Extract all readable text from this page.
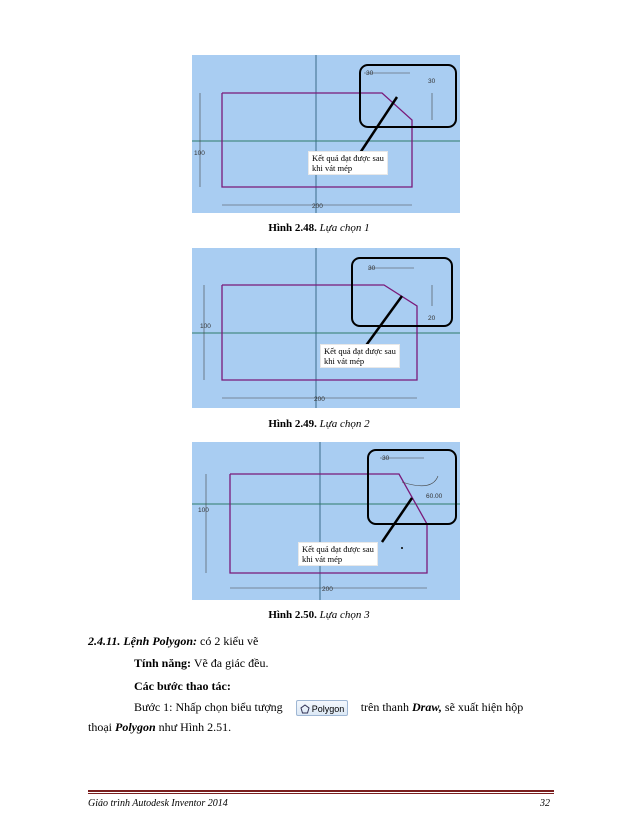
100
200
30
30
Kết quả đạt được sau
khi vát mép
Hình 2.48. Lựa chọn 1
100
200
30
20
Kết quả đạt được sau
khi vát mép
Hình 2.49. Lựa chọn 2
100
200
30
60.00
Kết quả đạt được sau
khi vát mép
Hình 2.50. Lựa chọn 3
2.4.11. Lệnh Polygon: có 2 kiểu vẽ
Tính năng: Vẽ đa giác đều.
Các bước thao tác:
Bước 1: Nhấp chọn biểu tượng	Polygon trên thanh Draw, sẽ xuất hiện hộp
thoại Polygon như Hình 2.51.
Giáo trình Autodesk Inventor 2014	32
